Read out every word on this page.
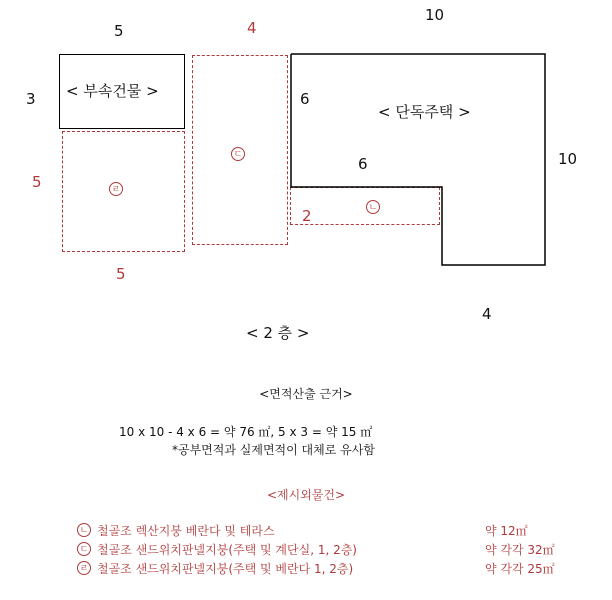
5	4
10
3
5
5
6
6	10
4
2
< 부속건물 >
ㄹ
ㄷ
ㄴ
< 단독주택 >
< 2 층 >
<면적산출 근거>
10 x 10 - 4 x 6 = 약 76 ㎡, 5 x 3 = 약 15 ㎡
*공부면적과 실제면적이 대체로 유사함
<제시외물건>
ㄴ 철골조 렉산지붕 베란다 및 테라스	약 12㎡
ㄷ 철골조 샌드위치판넬지붕(주택 및 계단실, 1, 2층)	약 각각 32㎡
ㄹ 철골조 샌드위치판넬지붕(주택 및 베란다 1, 2층)	약 각각 25㎡
